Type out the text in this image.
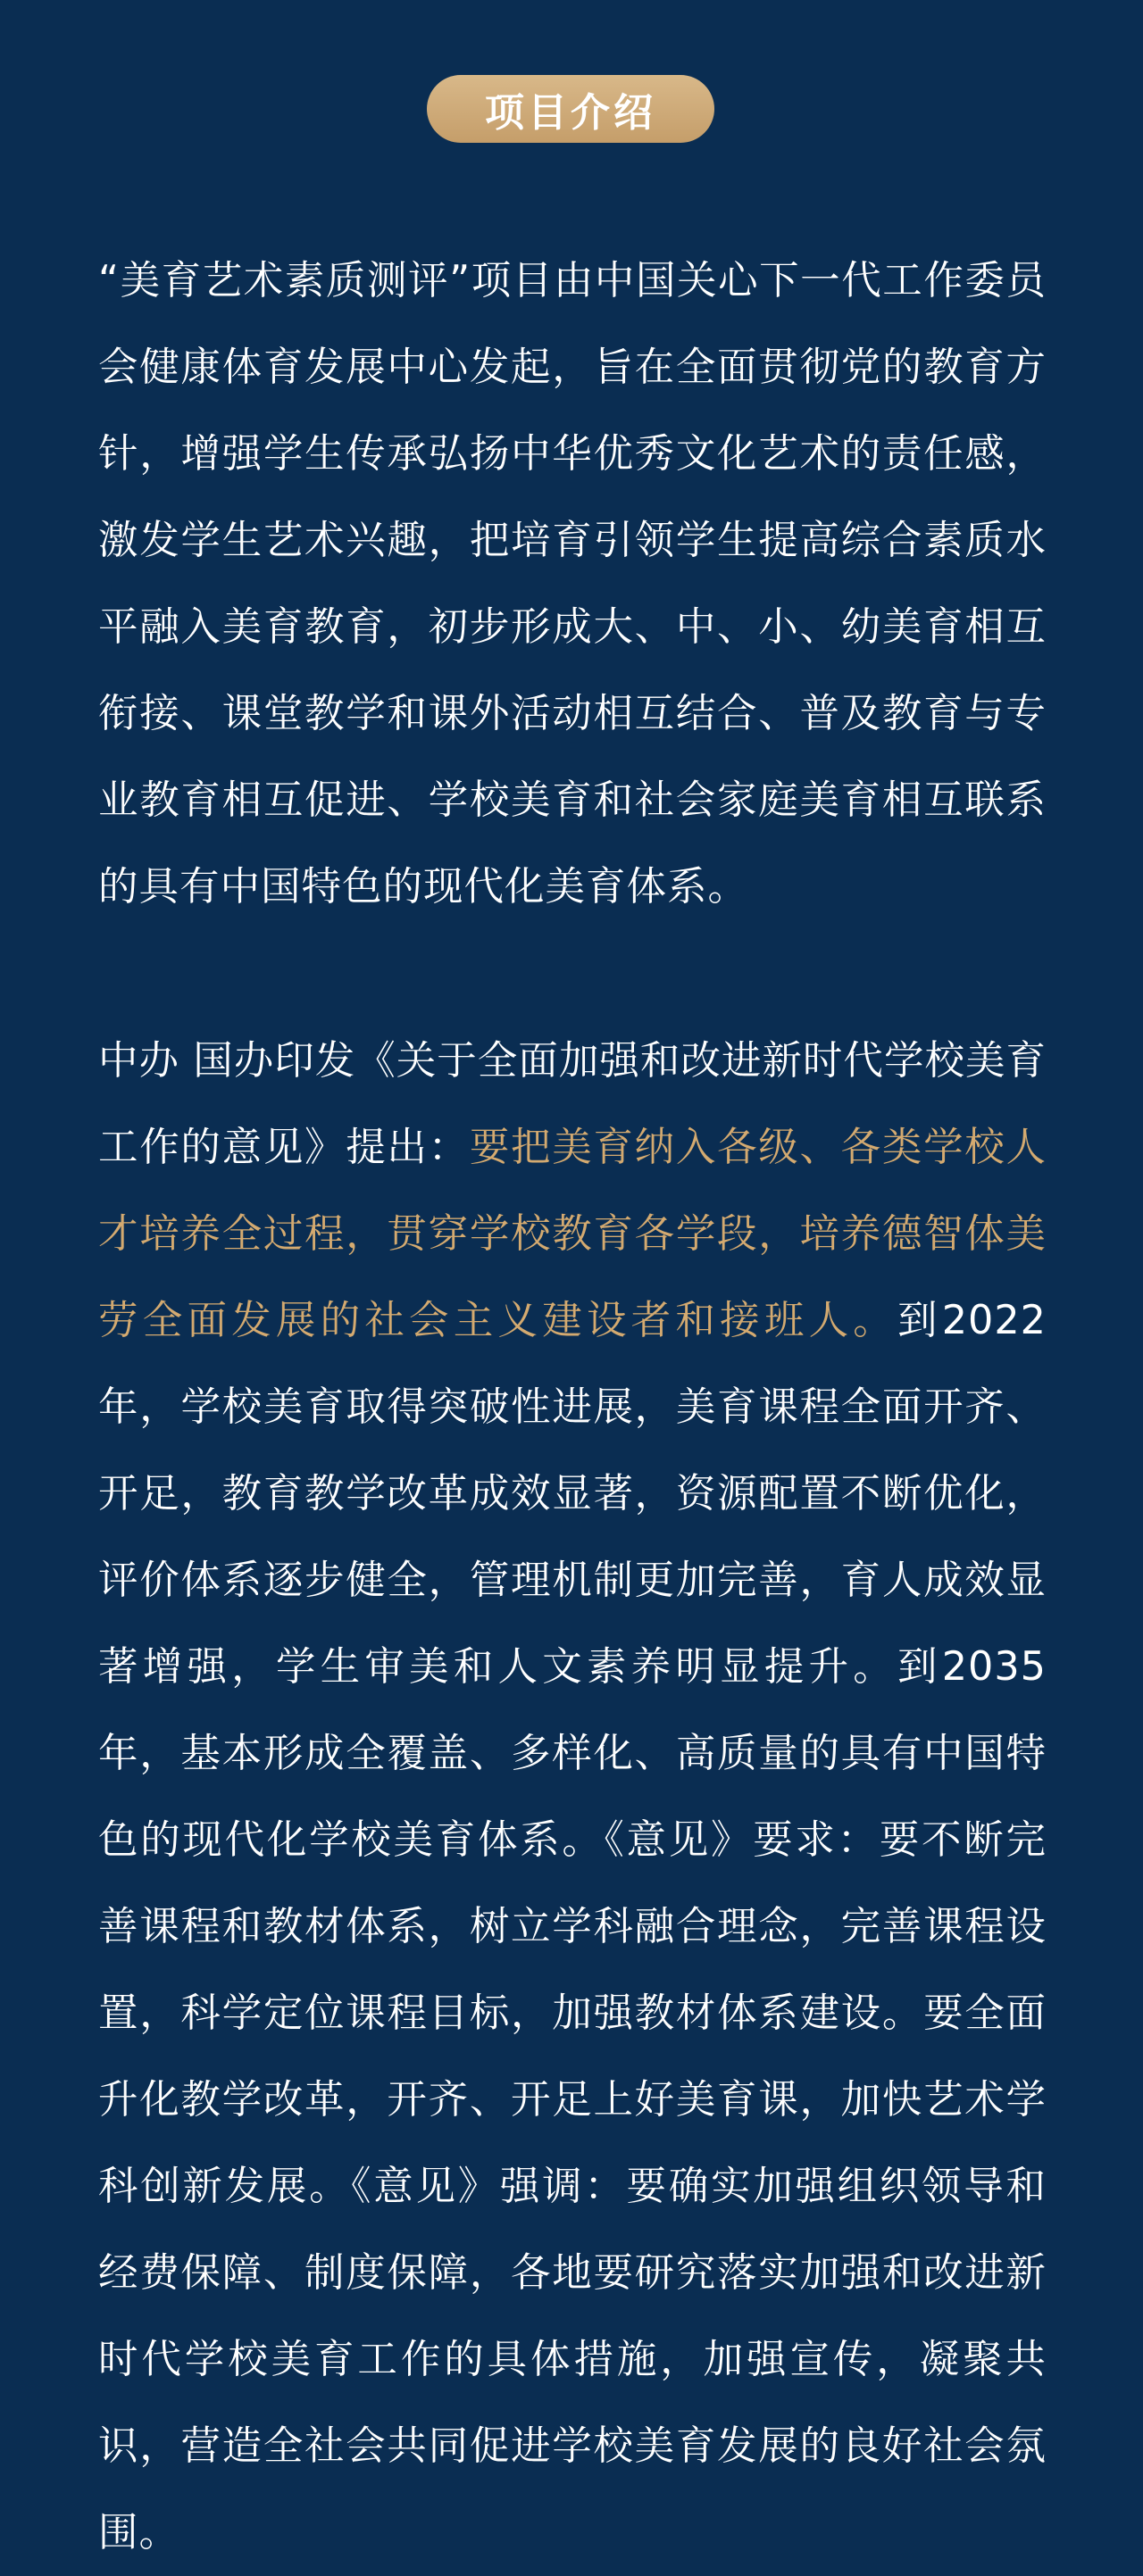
项目介绍

“美育艺术素质测评”项目由中国关心下一代工作委员会健康体育发展中心发起，旨在全面贯彻党的教育方针，增强学生传承弘扬中华优秀文化艺术的责任感，激发学生艺术兴趣，把培育引领学生提高综合素质水平融入美育教育，初步形成大、中、小、幼美育相互衔接、课堂教学和课外活动相互结合、普及教育与专业教育相互促进、学校美育和社会家庭美育相互联系的具有中国特色的现代化美育体系。

中办 国办印发《关于全面加强和改进新时代学校美育工作的意见》提出：要把美育纳入各级、各类学校人才培养全过程，贯穿学校教育各学段，培养德智体美劳全面发展的社会主义建设者和接班人。到2022年，学校美育取得突破性进展，美育课程全面开齐、开足，教育教学改革成效显著，资源配置不断优化，评价体系逐步健全，管理机制更加完善，育人成效显著增强，学生审美和人文素养明显提升。到2035年，基本形成全覆盖、多样化、高质量的具有中国特色的现代化学校美育体系。《意见》要求：要不断完善课程和教材体系，树立学科融合理念，完善课程设置，科学定位课程目标，加强教材体系建设。要全面升化教学改革，开齐、开足上好美育课，加快艺术学科创新发展。《意见》强调：要确实加强组织领导和经费保障、制度保障，各地要研究落实加强和改进新时代学校美育工作的具体措施，加强宣传，凝聚共识，营造全社会共同促进学校美育发展的良好社会氛围。
